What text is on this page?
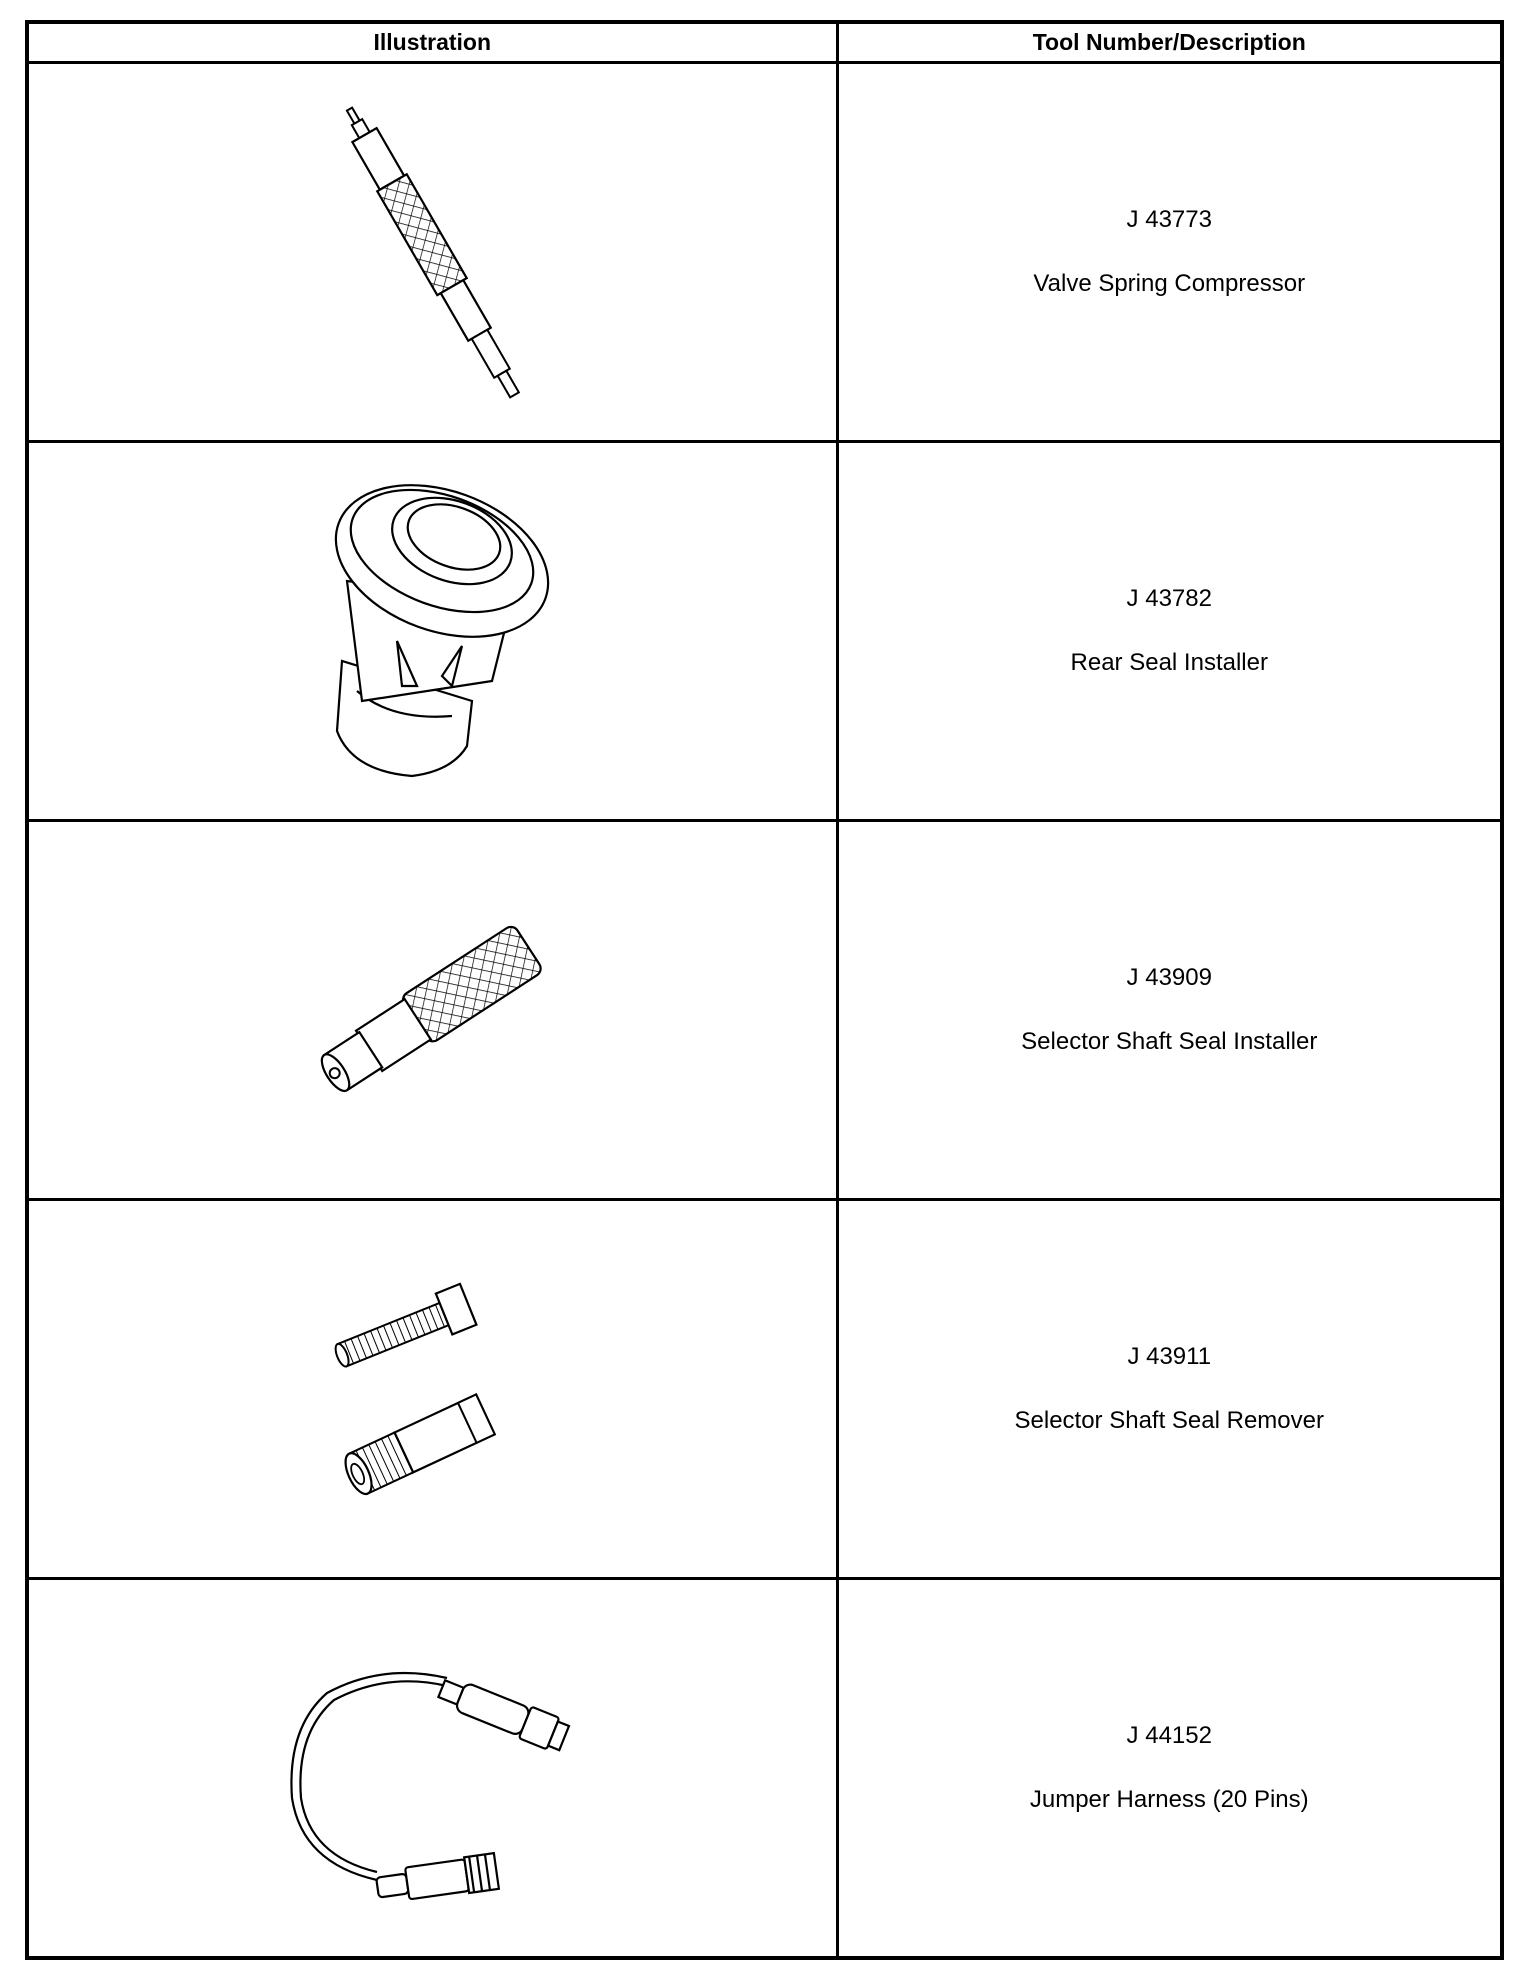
Illustration	Tool Number/Description

J 43773
Valve Spring Compressor

J 43782
Rear Seal Installer

J 43909
Selector Shaft Seal Installer

J 43911
Selector Shaft Seal Remover

J 44152
Jumper Harness (20 Pins)
